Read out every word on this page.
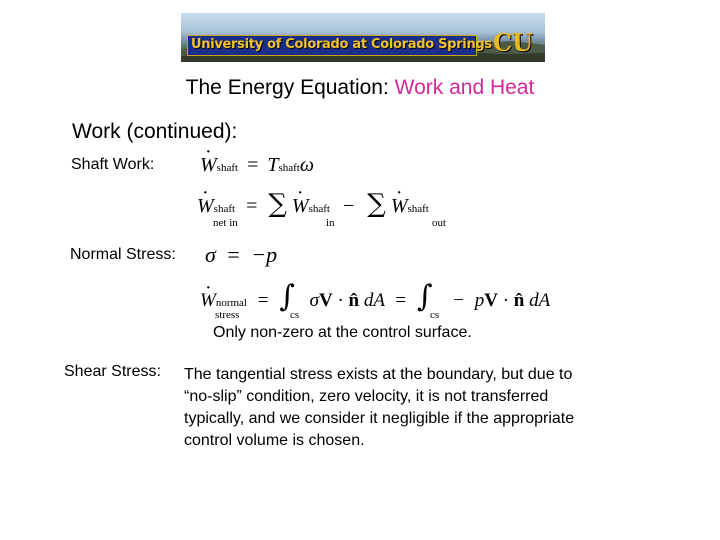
University of Colorado at Colorado Springs CU
The Energy Equation: Work and Heat
Work (continued):
Shaft Work: · Wshaft = Tshaftω
· Wshaft = ∑ · Wshaft − ∑ · Wshaft
net in	in	out
Normal Stress: σ = −p
· Wnormal = ∫ σV · n̂ dA = ∫ − pV · n̂ dA
stress	cs	cs
Only non-zero at the control surface.
Shear Stress: The tangential stress exists at the boundary, but due to
“no-slip” condition, zero velocity, it is not transferred
typically, and we consider it negligible if the appropriate
control volume is chosen.
